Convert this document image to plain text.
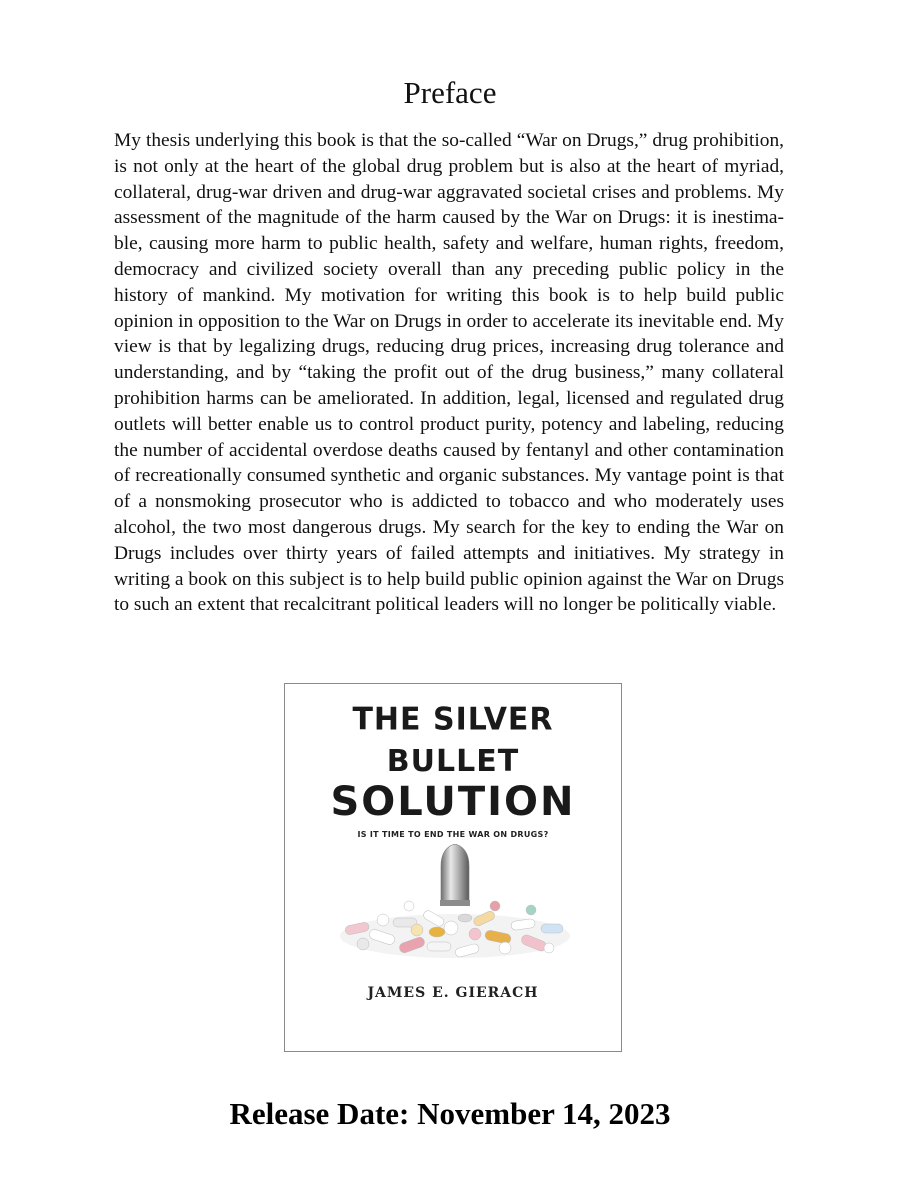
Preface

My thesis underlying this book is that the so-called “War on Drugs,” drug prohibition, is not only at the heart of the global drug problem but is also at the heart of myriad, collateral, drug-war driven and drug-war aggravated societal crises and problems. My assessment of the magnitude of the harm caused by the War on Drugs: it is inestimable, causing more harm to public health, safety and welfare, human rights, freedom, democracy and civilized society overall than any preceding public policy in the history of mankind. My motivation for writing this book is to help build public opinion in opposition to the War on Drugs in order to accelerate its inevitable end. My view is that by legalizing drugs, reducing drug prices, increasing drug tolerance and understanding, and by “taking the profit out of the drug business,” many collateral prohibition harms can be ameliorated. In addition, legal, licensed and regulated drug outlets will better enable us to control product purity, potency and labeling, reducing the number of accidental overdose deaths caused by fentanyl and other contamination of recreationally consumed synthetic and organic substances. My vantage point is that of a nonsmoking prosecutor who is addicted to tobacco and who moderately uses alcohol, the two most dangerous drugs. My search for the key to ending the War on Drugs includes over thirty years of failed attempts and initiatives. My strategy in writing a book on this subject is to help build public opinion against the War on Drugs to such an extent that recalcitrant political leaders will no longer be politically viable.

THE SILVER
BULLET
SOLUTION
IS IT TIME TO END THE WAR ON DRUGS?
JAMES E. GIERACH
Release Date: November 14, 2023
